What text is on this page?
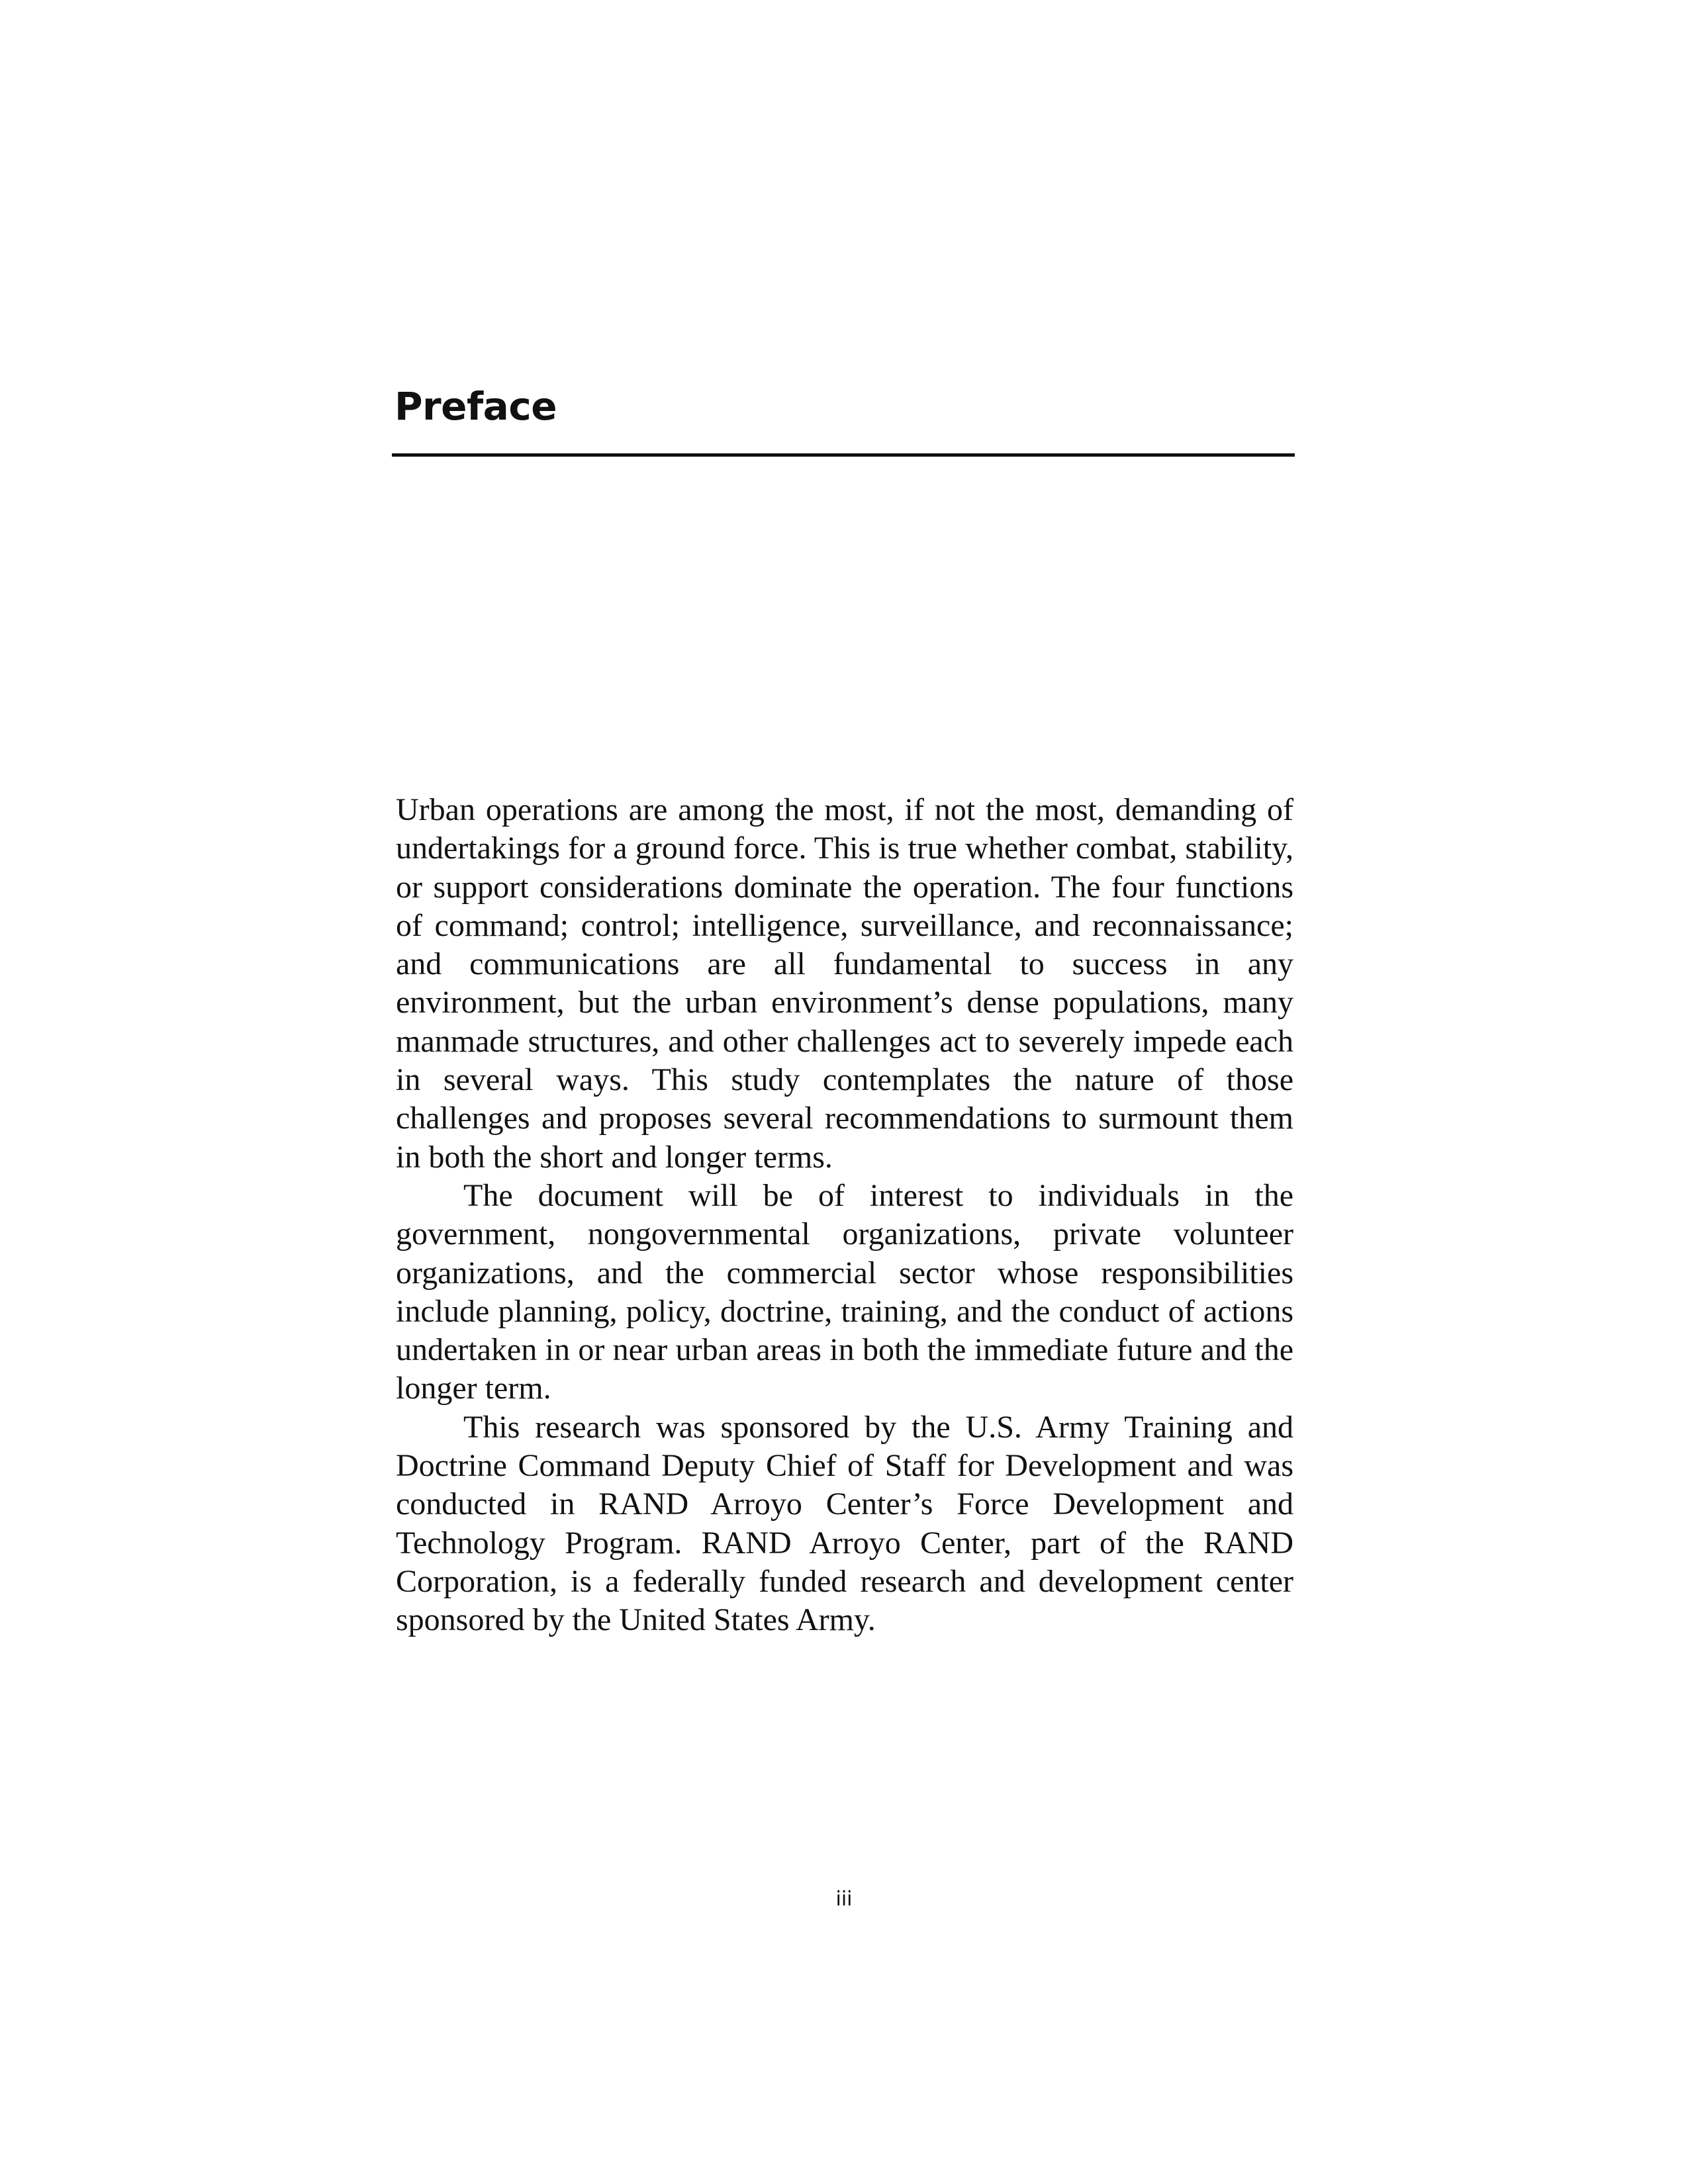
Preface

Urban operations are among the most, if not the most, demanding of undertakings for a ground force. This is true whether combat, stability, or support considerations dominate the operation. The four functions of command; control; intelligence, surveillance, and reconnaissance; and communications are all fundamental to success in any environment, but the urban environment’s dense populations, many manmade structures, and other challenges act to severely impede each in several ways. This study contemplates the nature of those challenges and proposes several recommendations to surmount them in both the short and longer terms.

The document will be of interest to individuals in the government, nongovernmental organizations, private volunteer organizations, and the commercial sector whose responsibilities include planning, policy, doctrine, training, and the conduct of actions undertaken in or near urban areas in both the immediate future and the longer term.

This research was sponsored by the U.S. Army Training and Doctrine Command Deputy Chief of Staff for Development and was conducted in RAND Arroyo Center’s Force Development and Technology Program. RAND Arroyo Center, part of the RAND Corporation, is a federally funded research and development center sponsored by the United States Army.

iii
